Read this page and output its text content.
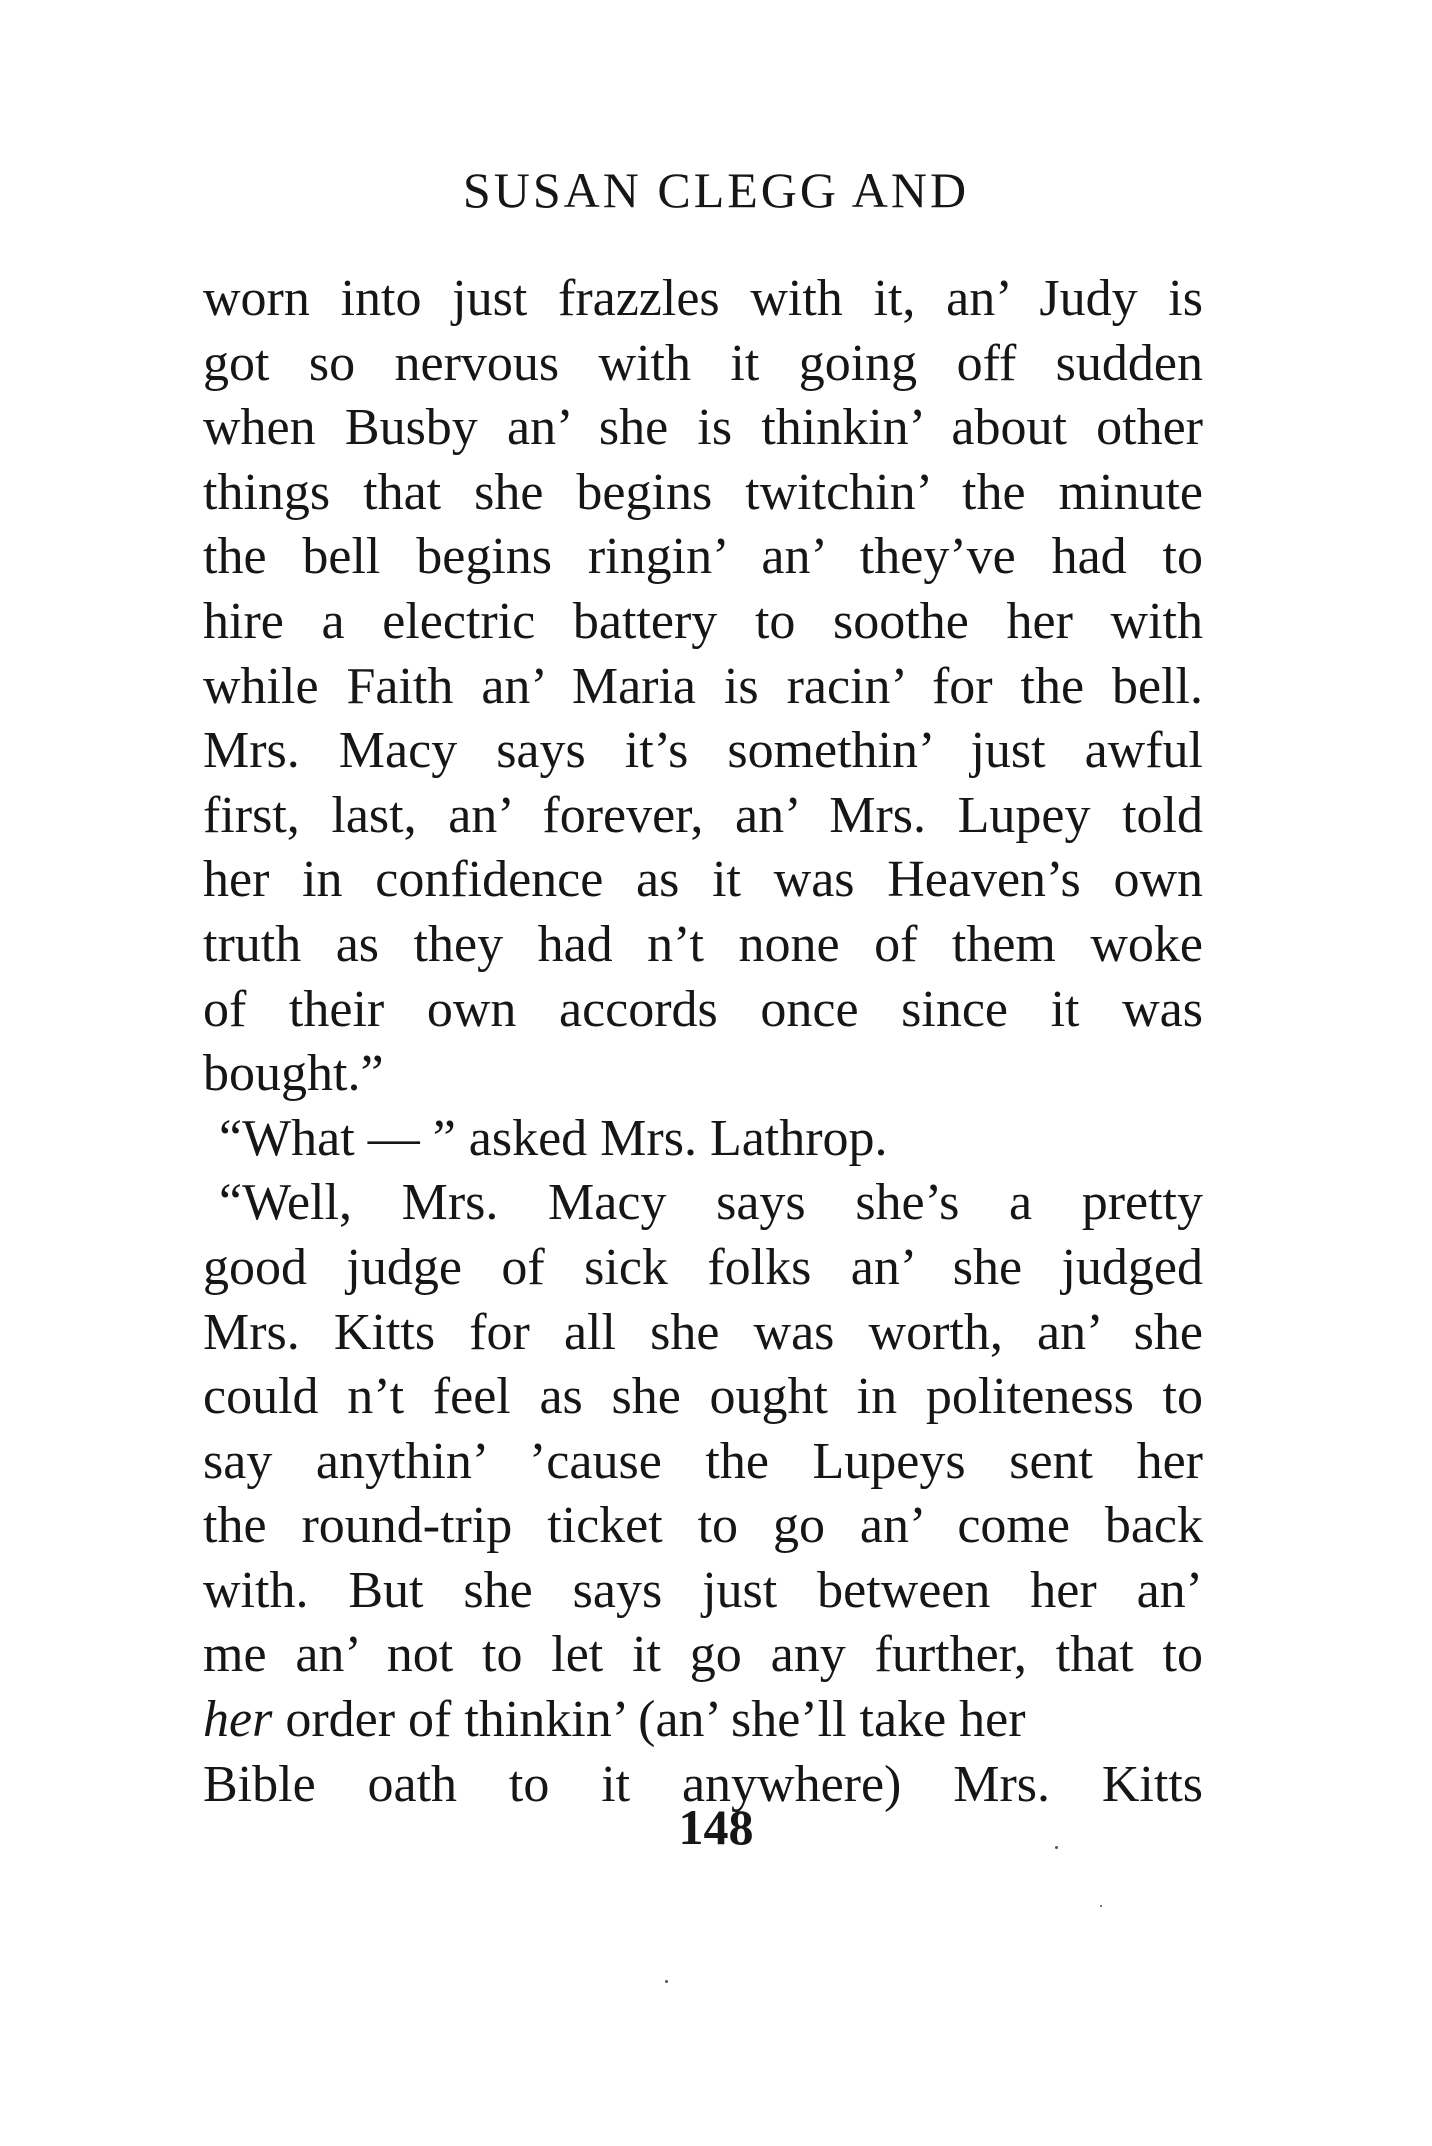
SUSAN CLEGG AND
worn into just frazzles with it, an’ Judy is
got so nervous with it going off sudden
when Busby an’ she is thinkin’ about other
things that she begins twitchin’ the minute
the bell begins ringin’ an’ they’ve had to
hire a electric battery to soothe her with
while Faith an’ Maria is racin’ for the bell.
Mrs. Macy says it’s somethin’ just awful
first, last, an’ forever, an’ Mrs. Lupey told
her in confidence as it was Heaven’s own
truth as they had n’t none of them woke
of their own accords once since it was
bought.”
“What — ” asked Mrs. Lathrop.
“Well, Mrs. Macy says she’s a pretty
good judge of sick folks an’ she judged
Mrs. Kitts for all she was worth, an’ she
could n’t feel as she ought in politeness to
say anythin’ ’cause the Lupeys sent her
the round-trip ticket to go an’ come back
with. But she says just between her an’
me an’ not to let it go any further, that to
her order of thinkin’ (an’ she’ll take her
Bible oath to it anywhere) Mrs. Kitts
148
